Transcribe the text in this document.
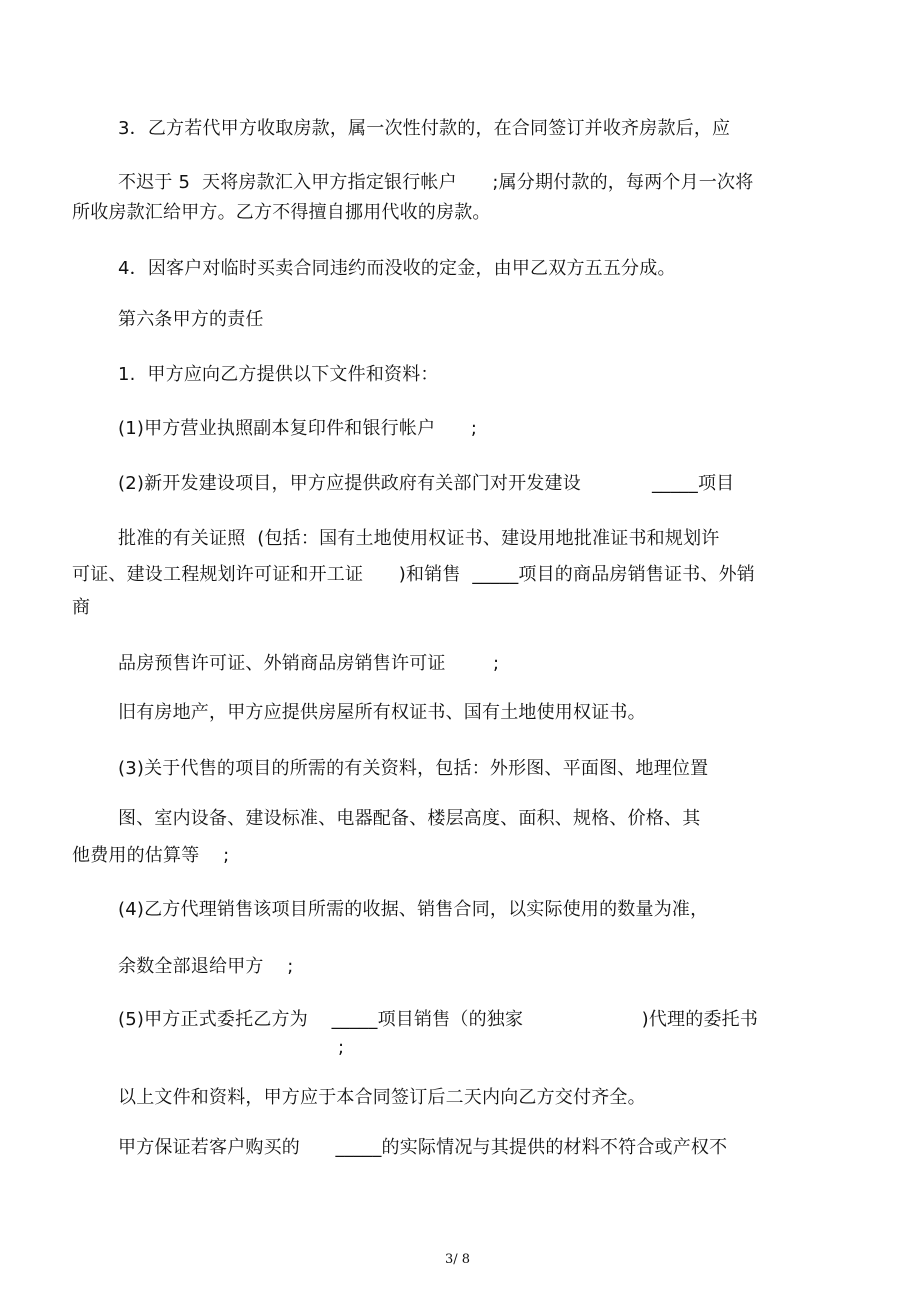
3．乙方若代甲方收取房款，属一次性付款的，在合同签订并收齐房款后，应
不迟于 5  天将房款汇入甲方指定银行帐户      ;属分期付款的，每两个月一次将
所收房款汇给甲方。乙方不得擅自挪用代收的房款。
4．因客户对临时买卖合同违约而没收的定金，由甲乙双方五五分成。
第六条甲方的责任
1.  甲方应向乙方提供以下文件和资料：
(1)甲方营业执照副本复印件和银行帐户      ;
(2)新开发建设项目，甲方应提供政府有关部门对开发建设            _____项目
批准的有关证照  (包括：国有土地使用权证书、建设用地批准证书和规划许
可证、建设工程规划许可证和开工证      )和销售  _____项目的商品房销售证书、外销
商
品房预售许可证、外销商品房销售许可证        ;
旧有房地产，甲方应提供房屋所有权证书、国有土地使用权证书。
(3)关于代售的项目的所需的有关资料，包括：外形图、平面图、地理位置
图、室内设备、建设标准、电器配备、楼层高度、面积、规格、价格、其
他费用的估算等    ;
(4)乙方代理销售该项目所需的收据、销售合同，以实际使用的数量为准，
余数全部退给甲方    ;
(5)甲方正式委托乙方为    _____项目销售（的独家                    )代理的委托书
;
以上文件和资料，甲方应于本合同签订后二天内向乙方交付齐全。
甲方保证若客户购买的      _____的实际情况与其提供的材料不符合或产权不
3/ 8
